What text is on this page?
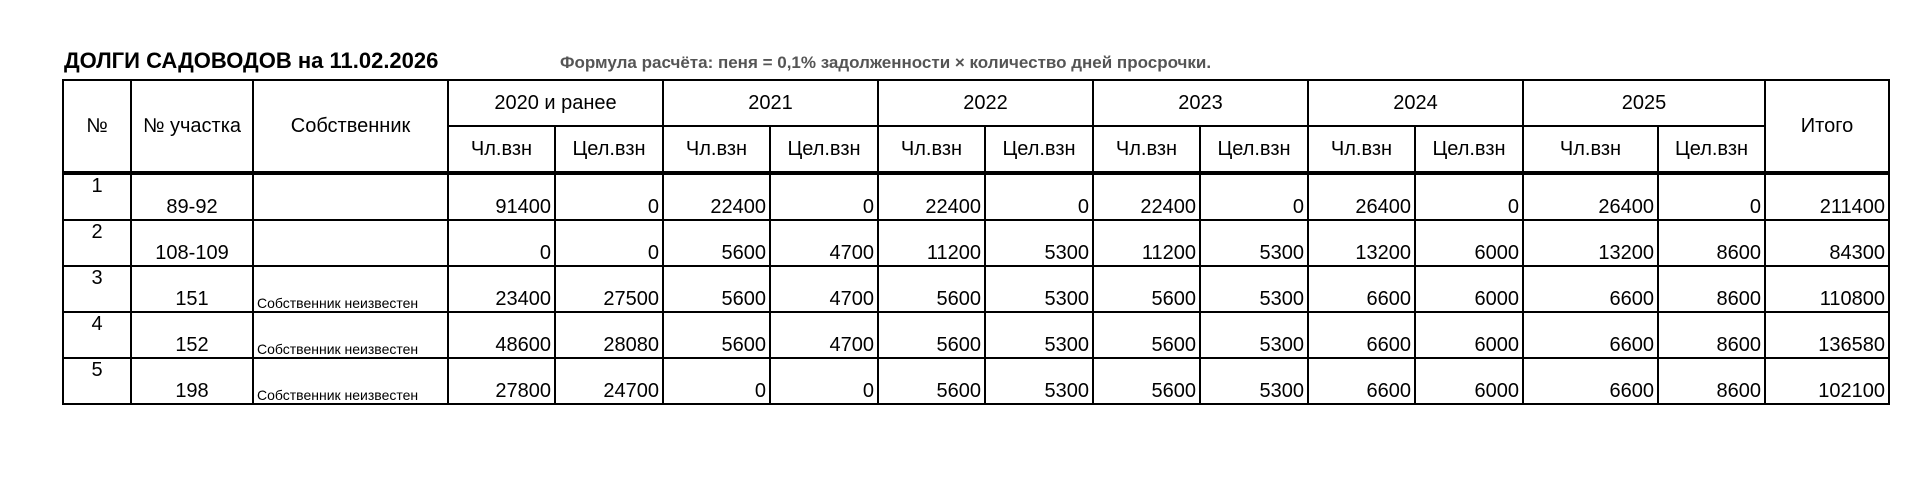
ДОЛГИ САДОВОДОВ на 11.02.2026	Формула расчёта: пеня = 0,1% задолженности × количество дней просрочки.
№	№ участка	Собственник	2020 и ранее		2021		2022		2023		2024		2025		Итого
			Чл.взн	Цел.взн	Чл.взн	Цел.взн	Чл.взн	Цел.взн	Чл.взн	Цел.взн	Чл.взн	Цел.взн	Чл.взн	Цел.взн	

1	89-92		91400	0	22400	0	22400	0	22400	0	26400	0	26400	0	211400
2	108-109		0	0	5600	4700	11200	5300	11200	5300	13200	6000	13200	8600	84300
3	151	Собственник неизвестен	23400	27500	5600	4700	5600	5300	5600	5300	6600	6000	6600	8600	110800
4	152	Собственник неизвестен	48600	28080	5600	4700	5600	5300	5600	5300	6600	6000	6600	8600	136580
5	198	Собственник неизвестен	27800	24700	0	0	5600	5300	5600	5300	6600	6000	6600	8600	102100
